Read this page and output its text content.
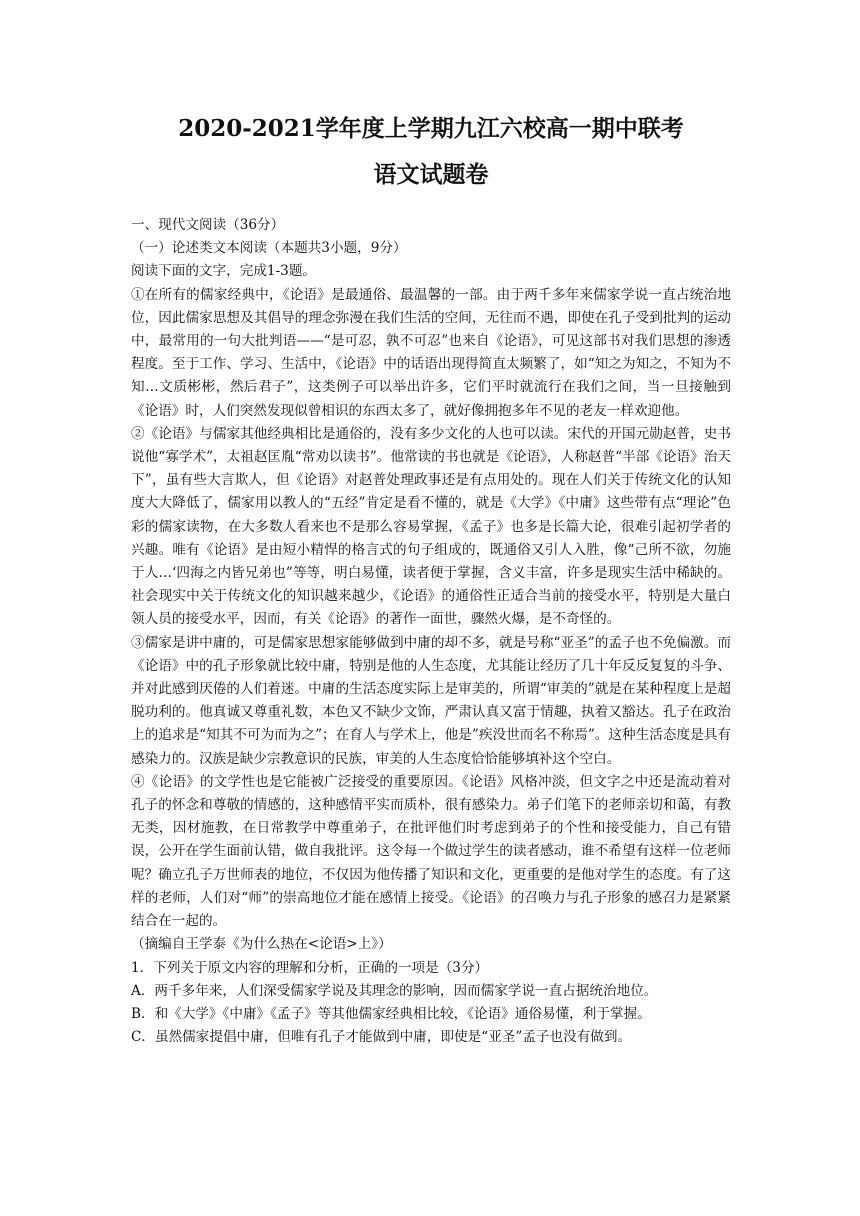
2020-2021学年度上学期九江六校高一期中联考
语文试题卷

一、现代文阅读（36分）

（一）论述类文本阅读（本题共3小题，9分）

阅读下面的文字，完成1-3题。

①在所有的儒家经典中，《论语》是最通俗、最温馨的一部。由于两千多年来儒家学说一直占统治地位，因此儒家思想及其倡导的理念弥漫在我们生活的空间，无往而不遇，即使在孔子受到批判的运动中，最常用的一句大批判语——“是可忍，孰不可忍”也来自《论语》，可见这部书对我们思想的渗透程度。至于工作、学习、生活中，《论语》中的话语出现得简直太频繁了，如“知之为知之，不知为不知…文质彬彬，然后君子”，这类例子可以举出许多，它们平时就流行在我们之间，当一旦接触到《论语》时，人们突然发现似曾相识的东西太多了，就好像拥抱多年不见的老友一样欢迎他。

②《论语》与儒家其他经典相比是通俗的，没有多少文化的人也可以读。宋代的开国元勋赵普，史书说他“寡学术”，太祖赵匡胤“常劝以读书”。他常读的书也就是《论语》，人称赵普“半部《论语》治天下”，虽有些大言欺人，但《论语》对赵普处理政事还是有点用处的。现在人们关于传统文化的认知度大大降低了，儒家用以教人的“五经”肯定是看不懂的，就是《大学》《中庸》这些带有点“理论”色彩的儒家读物，在大多数人看来也不是那么容易掌握，《孟子》也多是长篇大论，很难引起初学者的兴趣。唯有《论语》是由短小精悍的格言式的句子组成的，既通俗又引人入胜，像“己所不欲，勿施于人…‘四海之内皆兄弟也”等等，明白易懂，读者便于掌握，含义丰富，许多是现实生活中稀缺的。社会现实中关于传统文化的知识越来越少，《论语》的通俗性正适合当前的接受水平，特别是大量白领人员的接受水平，因而，有关《论语》的著作一面世，骤然火爆，是不奇怪的。

③儒家是讲中庸的，可是儒家思想家能够做到中庸的却不多，就是号称“亚圣”的孟子也不免偏激。而《论语》中的孔子形象就比较中庸，特别是他的人生态度，尤其能让经历了几十年反反复复的斗争、并对此感到厌倦的人们着迷。中庸的生活态度实际上是审美的，所谓“审美的”就是在某种程度上是超脱功利的。他真诚又尊重礼数，本色又不缺少文饰，严肃认真又富于情趣，执着又豁达。孔子在政治上的追求是“知其不可为而为之”；在育人与学术上，他是”疾没世而名不称焉”。这种生活态度是具有感染力的。汉族是缺少宗教意识的民族，审美的人生态度恰恰能够填补这个空白。

④《论语》的文学性也是它能被广泛接受的重要原因。《论语》风格冲淡，但文字之中还是流动着对孔子的怀念和尊敬的情感的，这种感情平实而质朴，很有感染力。弟子们笔下的老师亲切和蔼，有教无类，因材施教，在日常教学中尊重弟子，在批评他们时考虑到弟子的个性和接受能力，自己有错误，公开在学生面前认错，做自我批评。这令每一个做过学生的读者感动，谁不希望有这样一位老师呢？确立孔子万世师表的地位，不仅因为他传播了知识和文化，更重要的是他对学生的态度。有了这样的老师，人们对“师”的崇高地位才能在感情上接受。《论语》的召唤力与孔子形象的感召力是紧紧结合在一起的。

（摘编自王学泰《为什么热在<论语>上》）

1．下列关于原文内容的理解和分析，正确的一项是（3分）

A．两千多年来，人们深受儒家学说及其理念的影响，因而儒家学说一直占据统治地位。

B．和《大学》《中庸》《孟子》等其他儒家经典相比较，《论语》通俗易懂，利于掌握。

C．虽然儒家提倡中庸，但唯有孔子才能做到中庸，即使是“亚圣”孟子也没有做到。
